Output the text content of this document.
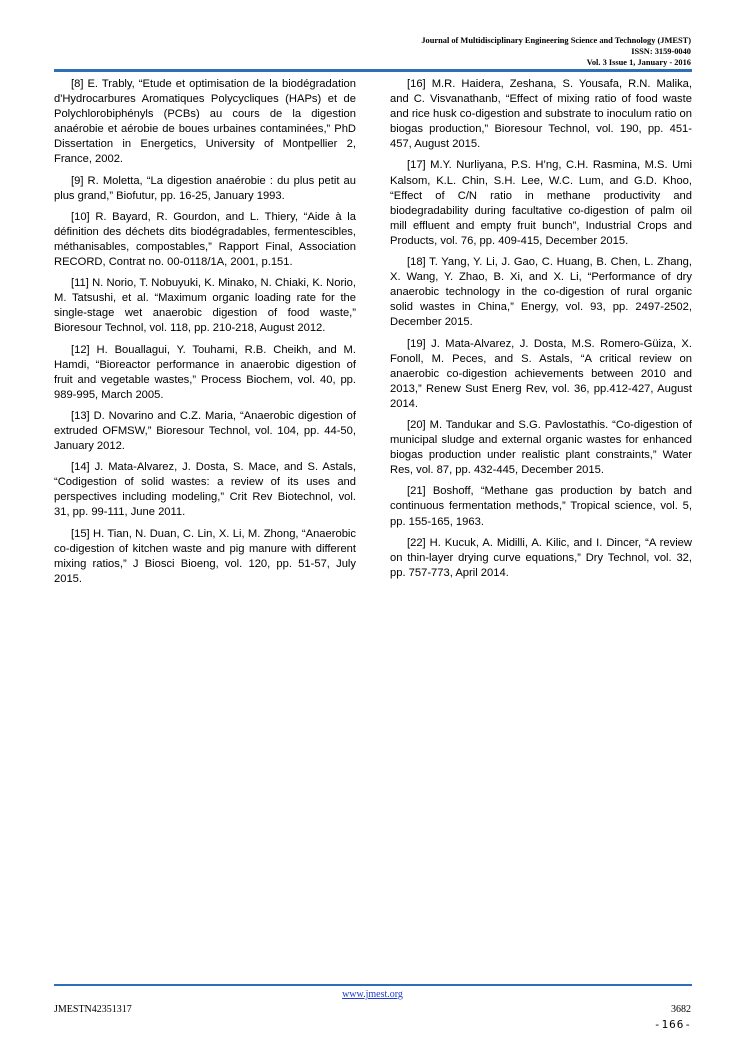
Journal of Multidisciplinary Engineering Science and Technology (JMEST)
ISSN: 3159-0040
Vol. 3 Issue 1, January - 2016

[8] E. Trably, “Etude et optimisation de la biodégradation d'Hydrocarbures Aromatiques Polycycliques (HAPs) et de Polychlorobiphényls (PCBs) au cours de la digestion anaérobie et aérobie de boues urbaines contaminées,” PhD Dissertation in Energetics, University of Montpellier 2, France, 2002.

[9] R. Moletta, “La digestion anaérobie : du plus petit au plus grand,” Biofutur, pp. 16-25, January 1993.

[10] R. Bayard, R. Gourdon, and L. Thiery, “Aide à la définition des déchets dits biodégradables, fermentescibles, méthanisables, compostables,” Rapport Final, Association RECORD, Contrat no. 00-0118/1A, 2001, p.151.

[11] N. Norio, T. Nobuyuki, K. Minako, N. Chiaki, K. Norio, M. Tatsushi, et al. “Maximum organic loading rate for the single-stage wet anaerobic digestion of food waste,” Bioresour Technol, vol. 118, pp. 210-218, August 2012.

[12] H. Bouallagui, Y. Touhami, R.B. Cheikh, and M. Hamdi, “Bioreactor performance in anaerobic digestion of fruit and vegetable wastes,” Process Biochem, vol. 40, pp. 989-995, March 2005.

[13] D. Novarino and C.Z. Maria, “Anaerobic digestion of extruded OFMSW,” Bioresour Technol, vol. 104, pp. 44-50, January 2012.

[14] J. Mata-Alvarez, J. Dosta, S. Mace, and S. Astals, “Codigestion of solid wastes: a review of its uses and perspectives including modeling,” Crit Rev Biotechnol, vol. 31, pp. 99-111, June 2011.

[15] H. Tian, N. Duan, C. Lin, X. Li, M. Zhong, “Anaerobic co-digestion of kitchen waste and pig manure with different mixing ratios,” J Biosci Bioeng, vol. 120, pp. 51-57, July 2015.

[16] M.R. Haidera, Zeshana, S. Yousafa, R.N. Malika, and C. Visvanathanb, “Effect of mixing ratio of food waste and rice husk co-digestion and substrate to inoculum ratio on biogas production,” Bioresour Technol, vol. 190, pp. 451-457, August 2015.

[17] M.Y. Nurliyana, P.S. H’ng, C.H. Rasmina, M.S. Umi Kalsom, K.L. Chin, S.H. Lee, W.C. Lum, and G.D. Khoo, “Effect of C/N ratio in methane productivity and biodegradability during facultative co-digestion of palm oil mill effluent and empty fruit bunch”, Industrial Crops and Products, vol. 76, pp. 409-415, December 2015.

[18] T. Yang, Y. Li, J. Gao, C. Huang, B. Chen, L. Zhang, X. Wang, Y. Zhao, B. Xi, and X. Li, “Performance of dry anaerobic technology in the co-digestion of rural organic solid wastes in China,” Energy, vol. 93, pp. 2497-2502, December 2015.

[19] J. Mata-Alvarez, J. Dosta, M.S. Romero-Güiza, X. Fonoll, M. Peces, and S. Astals, “A critical review on anaerobic co-digestion achievements between 2010 and 2013,” Renew Sust Energ Rev, vol. 36, pp.412-427, August 2014.

[20] M. Tandukar and S.G. Pavlostathis. “Co-digestion of municipal sludge and external organic wastes for enhanced biogas production under realistic plant constraints,” Water Res, vol. 87, pp. 432-445, December 2015.

[21] Boshoff, “Methane gas production by batch and continuous fermentation methods,” Tropical science, vol. 5, pp. 155-165, 1963.

[22] H. Kucuk, A. Midilli, A. Kilic, and I. Dincer, “A review on thin-layer drying curve equations,” Dry Technol, vol. 32, pp. 757-773, April 2014.

www.jmest.org
JMESTN42351317	3682
-166-
